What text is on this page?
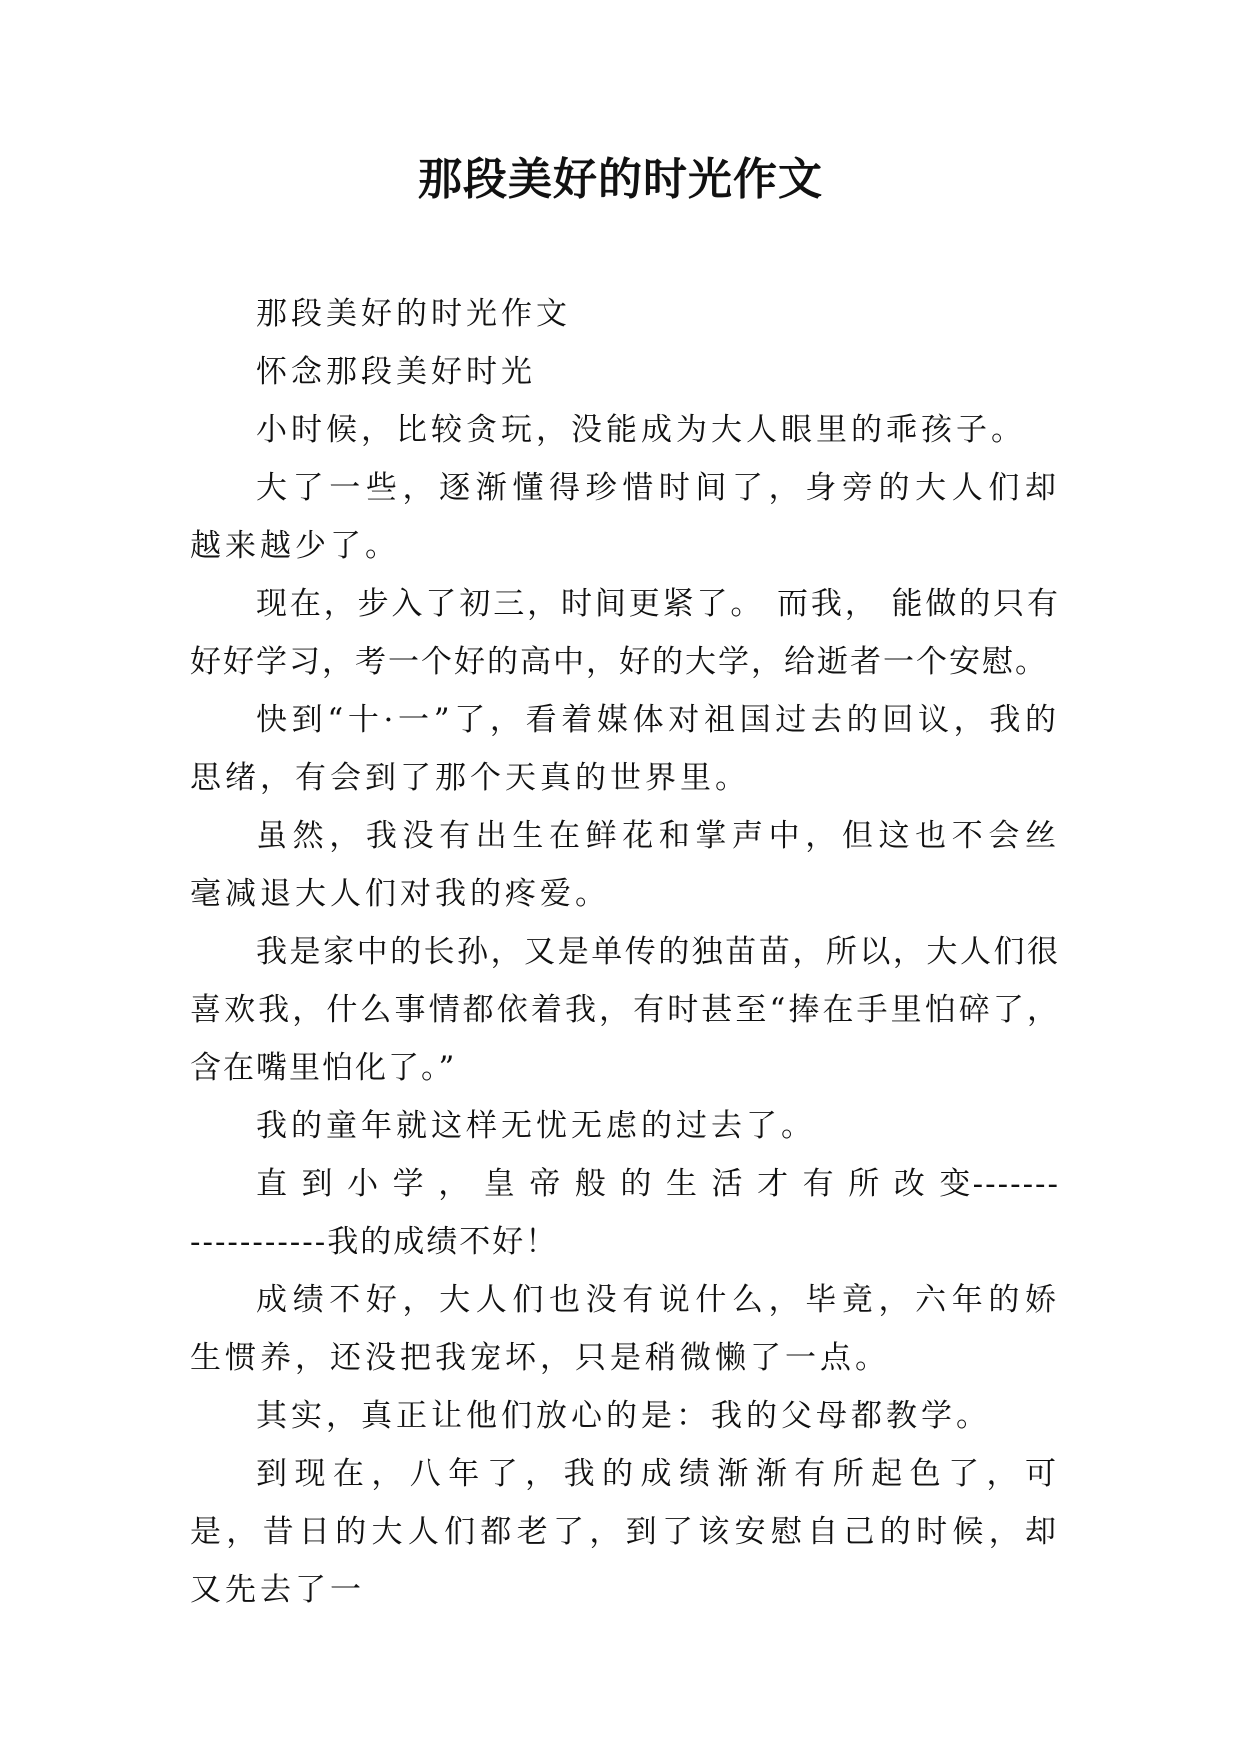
那段美好的时光作文

那段美好的时光作文

怀念那段美好时光

小时候，比较贪玩，没能成为大人眼里的乖孩子。

大了一些，逐渐懂得珍惜时间了，身旁的大人们却越来越少了。

现在，步入了初三，时间更紧了。 而我， 能做的只有好好学习，考一个好的高中，好的大学，给逝者一个安慰。

快到“十·一”了，看着媒体对祖国过去的回议，我的思绪，有会到了那个天真的世界里。

虽然，我没有出生在鲜花和掌声中，但这也不会丝毫减退大人们对我的疼爱。

我是家中的长孙，又是单传的独苗苗，所以，大人们很喜欢我，什么事情都依着我，有时甚至“捧在手里怕碎了，含在嘴里怕化了。”

我的童年就这样无忧无虑的过去了。

直 到 小 学 ， 皇 帝 般 的 生 活 才 有 所 改 变------------------我的成绩不好！

成绩不好，大人们也没有说什么，毕竟，六年的娇生惯养，还没把我宠坏，只是稍微懒了一点。

其实，真正让他们放心的是：我的父母都教学。

到现在，八年了，我的成绩渐渐有所起色了，可是，昔日的大人们都老了，到了该安慰自己的时候，却又先去了一
